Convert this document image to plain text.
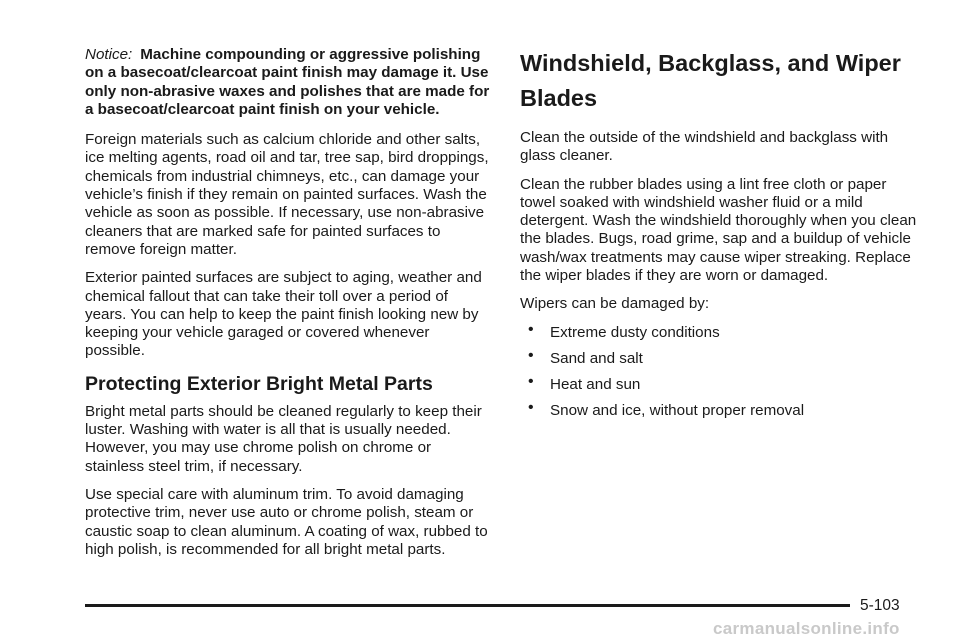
Notice: Machine compounding or aggressive polishing on a basecoat/clearcoat paint finish may damage it. Use only non-abrasive waxes and polishes that are made for a basecoat/clearcoat paint finish on your vehicle.

Foreign materials such as calcium chloride and other salts, ice melting agents, road oil and tar, tree sap, bird droppings, chemicals from industrial chimneys, etc., can damage your vehicle’s finish if they remain on painted surfaces. Wash the vehicle as soon as possible. If necessary, use non-abrasive cleaners that are marked safe for painted surfaces to remove foreign matter.

Exterior painted surfaces are subject to aging, weather and chemical fallout that can take their toll over a period of years. You can help to keep the paint finish looking new by keeping your vehicle garaged or covered whenever possible.

Protecting Exterior Bright Metal Parts

Bright metal parts should be cleaned regularly to keep their luster. Washing with water is all that is usually needed. However, you may use chrome polish on chrome or stainless steel trim, if necessary.

Use special care with aluminum trim. To avoid damaging protective trim, never use auto or chrome polish, steam or caustic soap to clean aluminum. A coating of wax, rubbed to high polish, is recommended for all bright metal parts.

Windshield, Backglass, and Wiper Blades

Clean the outside of the windshield and backglass with glass cleaner.

Clean the rubber blades using a lint free cloth or paper towel soaked with windshield washer fluid or a mild detergent. Wash the windshield thoroughly when you clean the blades. Bugs, road grime, sap and a buildup of vehicle wash/wax treatments may cause wiper streaking. Replace the wiper blades if they are worn or damaged.

Wipers can be damaged by:

• Extreme dusty conditions
• Sand and salt
• Heat and sun
• Snow and ice, without proper removal
5-103
carmanualsonline.info
